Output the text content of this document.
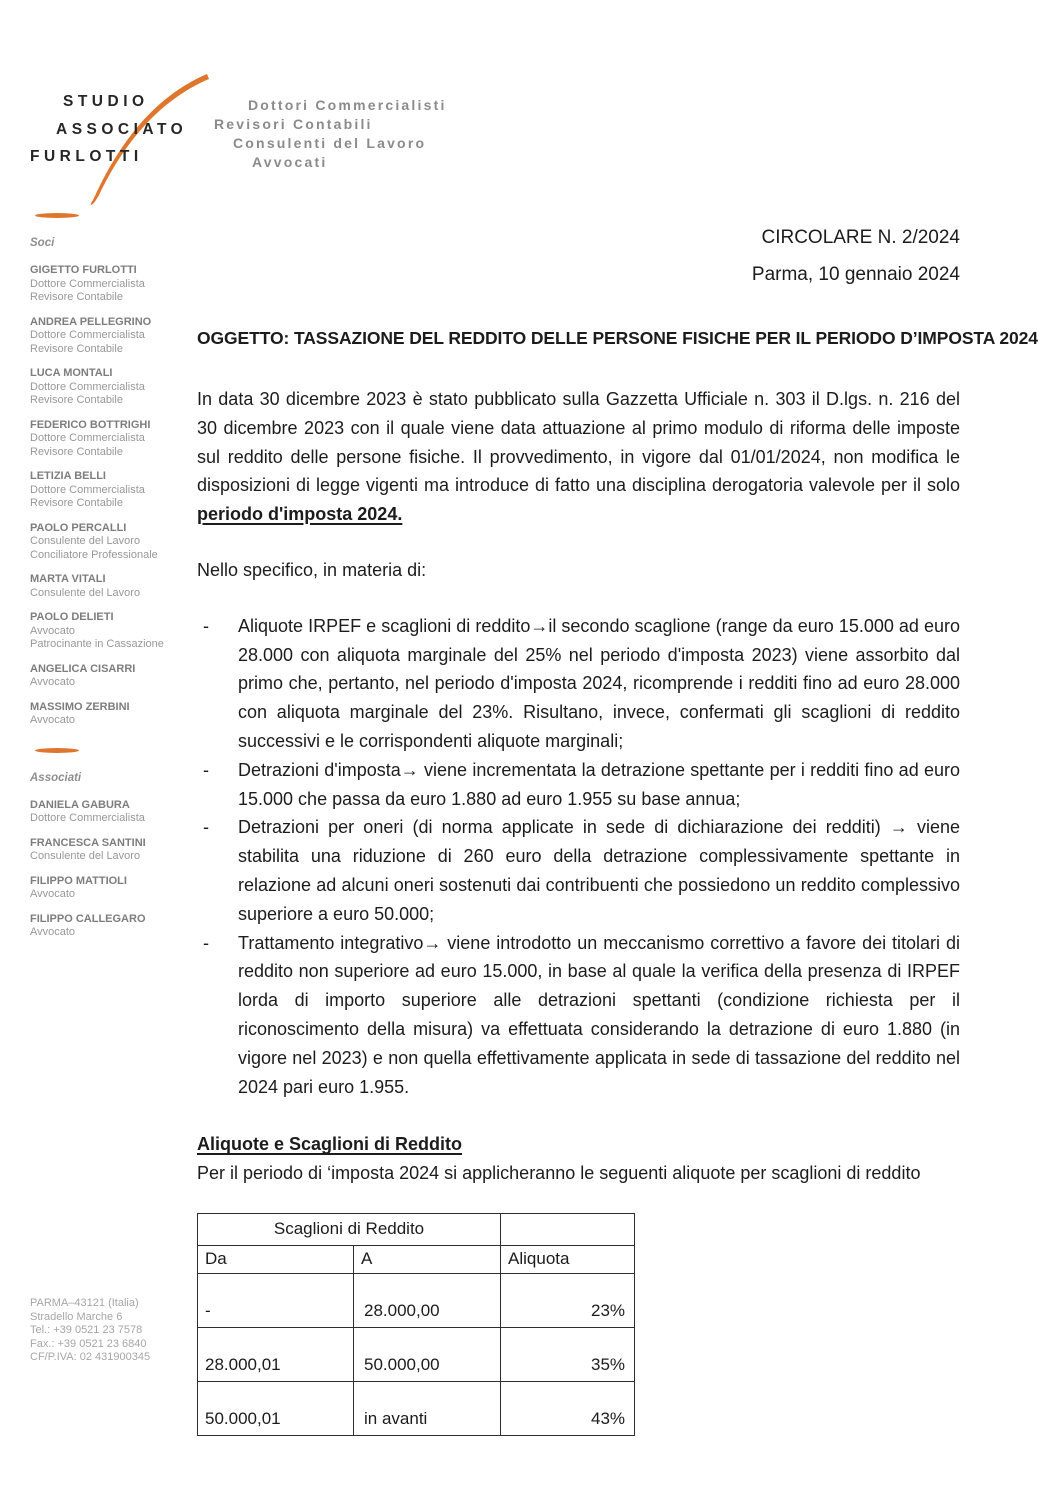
STUDIO
ASSOCIATO
FURLOTTI
Dottori Commercialisti
Revisori Contabili
Consulenti del Lavoro
Avvocati
Soci
GIGETTO FURLOTTI
Dottore Commercialista
Revisore Contabile
ANDREA PELLEGRINO
Dottore Commercialista
Revisore Contabile
LUCA MONTALI
Dottore Commercialista
Revisore Contabile
FEDERICO BOTTRIGHI
Dottore Commercialista
Revisore Contabile
LETIZIA BELLI
Dottore Commercialista
Revisore Contabile
PAOLO PERCALLI
Consulente del Lavoro
Conciliatore Professionale
MARTA VITALI
Consulente del Lavoro
PAOLO DELIETI
Avvocato
Patrocinante in Cassazione
ANGELICA CISARRI
Avvocato
MASSIMO ZERBINI
Avvocato
Associati
DANIELA GABURA
Dottore Commercialista
FRANCESCA SANTINI
Consulente del Lavoro
FILIPPO MATTIOLI
Avvocato
FILIPPO CALLEGARO
Avvocato
PARMA–43121 (Italia)
Stradello Marche 6
Tel.: +39 0521 23 7578
Fax.: +39 0521 23 6840
CF/P.IVA: 02 431900345
CIRCOLARE N. 2/2024
Parma, 10 gennaio 2024
OGGETTO: TASSAZIONE DEL REDDITO DELLE PERSONE FISICHE PER IL PERIODO D’IMPOSTA 2024

In data 30 dicembre 2023 è stato pubblicato sulla Gazzetta Ufficiale n. 303 il D.lgs. n. 216 del 30 dicembre 2023 con il quale viene data attuazione al primo modulo di riforma delle imposte sul reddito delle persone fisiche. Il provvedimento, in vigore dal 01/01/2024, non modifica le disposizioni di legge vigenti ma introduce di fatto una disciplina derogatoria valevole per il solo periodo d'imposta 2024.

Nello specifico, in materia di:

- Aliquote IRPEF e scaglioni di reddito→il secondo scaglione (range da euro 15.000 ad euro 28.000 con aliquota marginale del 25% nel periodo d'imposta 2023) viene assorbito dal primo che, pertanto, nel periodo d'imposta 2024, ricomprende i redditi fino ad euro 28.000 con aliquota marginale del 23%. Risultano, invece, confermati gli scaglioni di reddito successivi e le corrispondenti aliquote marginali;
- Detrazioni d'imposta→ viene incrementata la detrazione spettante per i redditi fino ad euro 15.000 che passa da euro 1.880 ad euro 1.955 su base annua;
- Detrazioni per oneri (di norma applicate in sede di dichiarazione dei redditi) → viene stabilita una riduzione di 260 euro della detrazione complessivamente spettante in relazione ad alcuni oneri sostenuti dai contribuenti che possiedono un reddito complessivo superiore a euro 50.000;
- Trattamento integrativo→ viene introdotto un meccanismo correttivo a favore dei titolari di reddito non superiore ad euro 15.000, in base al quale la verifica della presenza di IRPEF lorda di importo superiore alle detrazioni spettanti (condizione richiesta per il riconoscimento della misura) va effettuata considerando la detrazione di euro 1.880 (in vigore nel 2023) e non quella effettivamente applicata in sede di tassazione del reddito nel 2024 pari euro 1.955.
Aliquote e Scaglioni di Reddito

Per il periodo di ‘imposta 2024 si applicheranno le seguenti aliquote per scaglioni di reddito

Scaglioni di Reddito		
Da	A	Aliquota
-	28.000,00	23%
28.000,01	50.000,00	35%
50.000,01	in avanti	43%
